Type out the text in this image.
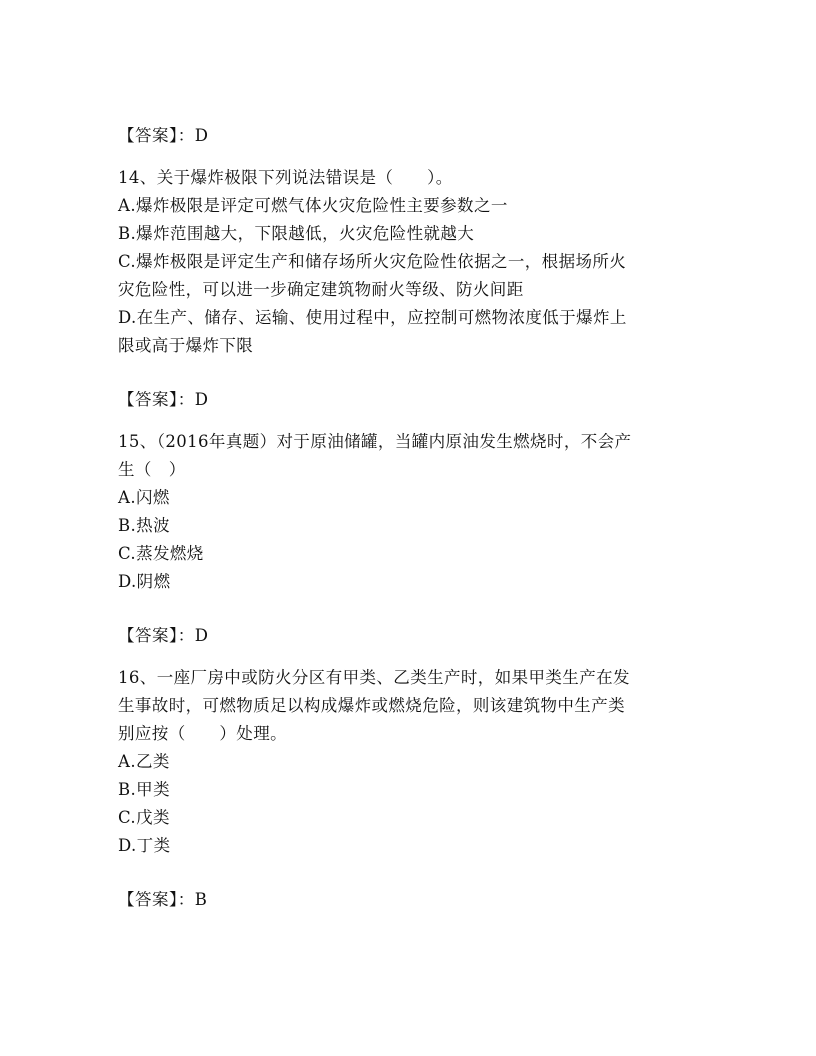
【答案】：D
14、关于爆炸极限下列说法错误是（　　）。
A.爆炸极限是评定可燃气体火灾危险性主要参数之一
B.爆炸范围越大，下限越低，火灾危险性就越大
C.爆炸极限是评定生产和储存场所火灾危险性依据之一，根据场所火
灾危险性，可以进一步确定建筑物耐火等级、防火间距
D.在生产、储存、运输、使用过程中，应控制可燃物浓度低于爆炸上
限或高于爆炸下限
【答案】：D
15、（2016年真题）对于原油储罐，当罐内原油发生燃烧时，不会产
生（　）
A.闪燃
B.热波
C.蒸发燃烧
D.阴燃
【答案】：D
16、一座厂房中或防火分区有甲类、乙类生产时，如果甲类生产在发
生事故时，可燃物质足以构成爆炸或燃烧危险，则该建筑物中生产类
别应按（　　）处理。
A.乙类
B.甲类
C.戊类
D.丁类
【答案】：B
